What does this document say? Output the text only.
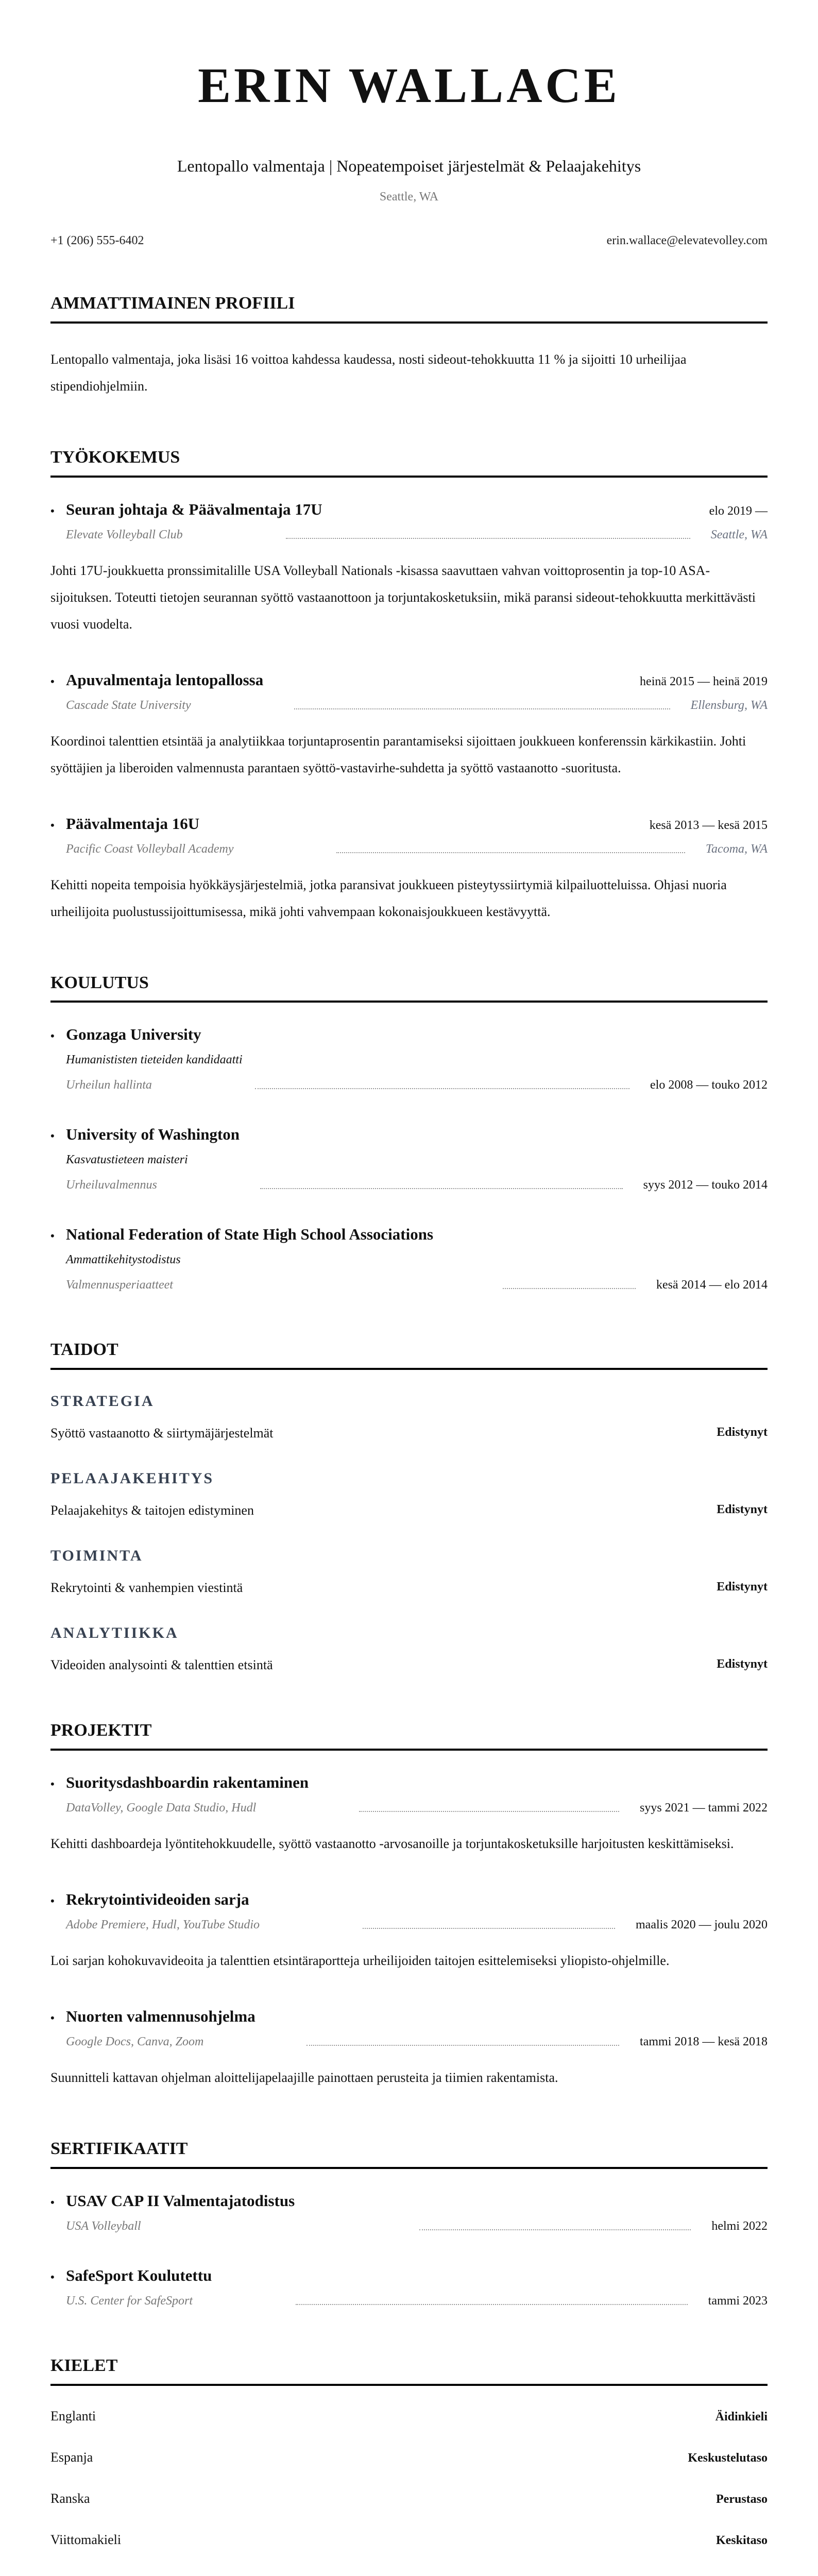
ERIN WALLACE
Lentopallo valmentaja | Nopeatempoiset järjestelmät & Pelaajakehitys
Seattle, WA
+1 (206) 555-6402	erin.wallace@elevatevolley.com
AMMATTIMAINEN PROFIILI

Lentopallo valmentaja, joka lisäsi 16 voittoa kahdessa kaudessa, nosti sideout-tehokkuutta 11 % ja sijoitti 10 urheilijaa stipendiohjelmiin.

TYÖKOKEMUS
• Seuran johtaja & Päävalmentaja 17U	elo 2019 —
Elevate Volleyball Club	Seattle, WA

Johti 17U-joukkuetta pronssimitalille USA Volleyball Nationals -kisassa saavuttaen vahvan voittoprosentin ja top-10 ASA-sijoituksen. Toteutti tietojen seurannan syöttö vastaanottoon ja torjuntakosketuksiin, mikä paransi sideout-tehokkuutta merkittävästi vuosi vuodelta.

• Apuvalmentaja lentopallossa	heinä 2015 — heinä 2019
Cascade State University	Ellensburg, WA

Koordinoi talenttien etsintää ja analytiikkaa torjuntaprosentin parantamiseksi sijoittaen joukkueen konferenssin kärkikastiin. Johti syöttäjien ja liberoiden valmennusta parantaen syöttö-vastavirhe-suhdetta ja syöttö vastaanotto -suoritusta.

• Päävalmentaja 16U	kesä 2013 — kesä 2015
Pacific Coast Volleyball Academy	Tacoma, WA

Kehitti nopeita tempoisia hyökkäysjärjestelmiä, jotka paransivat joukkueen pisteytyssiirtymiä kilpailuotteluissa. Ohjasi nuoria urheilijoita puolustussijoittumisessa, mikä johti vahvempaan kokonaisjoukkueen kestävyyttä.

KOULUTUS
• Gonzaga University
Humanististen tieteiden kandidaatti
Urheilun hallinta	elo 2008 — touko 2012
• University of Washington
Kasvatustieteen maisteri
Urheiluvalmennus	syys 2012 — touko 2014
• National Federation of State High School Associations
Ammattikehitystodistus
Valmennusperiaatteet	kesä 2014 — elo 2014
TAIDOT
STRATEGIA
Syöttö vastaanotto & siirtymäjärjestelmät	Edistynyt
PELAAJAKEHITYS
Pelaajakehitys & taitojen edistyminen	Edistynyt
TOIMINTA
Rekrytointi & vanhempien viestintä	Edistynyt
ANALYTIIKKA
Videoiden analysointi & talenttien etsintä	Edistynyt
PROJEKTIT
• Suoritysdashboardin rakentaminen
DataVolley, Google Data Studio, Hudl	syys 2021 — tammi 2022

Kehitti dashboardeja lyöntitehokkuudelle, syöttö vastaanotto -arvosanoille ja torjuntakosketuksille harjoitusten keskittämiseksi.

• Rekrytointivideoiden sarja
Adobe Premiere, Hudl, YouTube Studio	maalis 2020 — joulu 2020

Loi sarjan kohokuvavideoita ja talenttien etsintäraportteja urheilijoiden taitojen esittelemiseksi yliopisto-ohjelmille.

• Nuorten valmennusohjelma
Google Docs, Canva, Zoom	tammi 2018 — kesä 2018

Suunnitteli kattavan ohjelman aloittelijapelaajille painottaen perusteita ja tiimien rakentamista.

SERTIFIKAATIT
• USAV CAP II Valmentajatodistus
USA Volleyball	helmi 2022
• SafeSport Koulutettu
U.S. Center for SafeSport	tammi 2023
KIELET
Englanti	Äidinkieli
Espanja	Keskustelutaso
Ranska	Perustaso
Viittomakieli	Keskitaso
